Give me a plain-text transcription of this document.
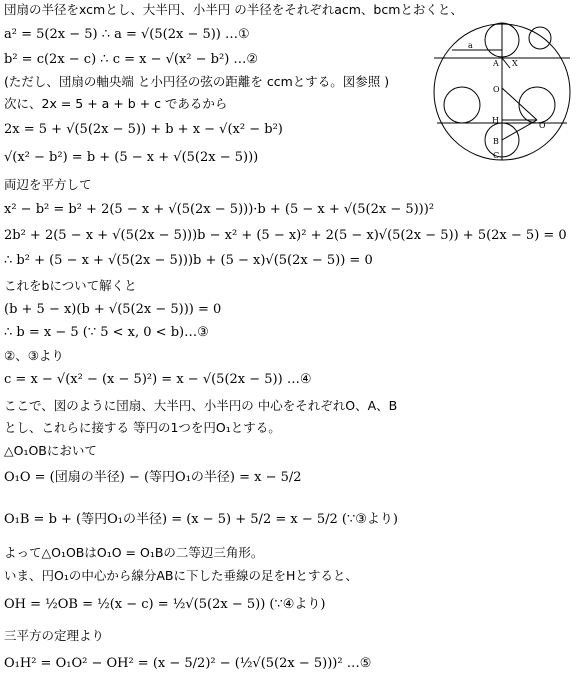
団扇の半径をxcmとし、大半円、小半円 の半径をそれぞれacm、bcmとおくと、
a² = 5(2x − 5) ∴ a = √(5(2x − 5)) …①
b² = c(2x − c) ∴ c = x − √(x² − b²) …②
(ただし、団扇の軸央端 と小円径の弦の距離を ccmとする。図参照 )
次に、2x = 5 + a + b + c であるから
2x = 5 + √(5(2x − 5)) + b + x − √(x² − b²)
√(x² − b²) = b + (5 − x + √(5(2x − 5)))
両辺を平方して
x² − b² = b² + 2(5 − x + √(5(2x − 5)))·b + (5 − x + √(5(2x − 5)))²
2b² + 2(5 − x + √(5(2x − 5)))b − x² + (5 − x)² + 2(5 − x)√(5(2x − 5)) + 5(2x − 5) = 0
∴ b² + (5 − x + √(5(2x − 5)))b + (5 − x)√(5(2x − 5)) = 0
これをbについて解くと
(b + 5 − x)(b + √(5(2x − 5))) = 0
∴ b = x − 5 (∵ 5 < x, 0 < b)…③
②、③より
c = x − √(x² − (x − 5)²) = x − √(5(2x − 5)) …④
ここで、図のように団扇、大半円、小半円の 中心をそれぞれO、A、B
とし、これらに接する 等円の1つを円O₁とする。
△O₁OBにおいて
O₁O = (団扇の半径) − (等円O₁の半径) = x − 5/2
O₁B = b + (等円O₁の半径) = (x − 5) + 5/2 = x − 5/2 (∵③より)
よって△O₁OBはO₁O = O₁Bの二等辺三角形。
いま、円O₁の中心から線分ABに下した垂線の足をHとすると、
OH = ½OB = ½(x − c) = ½√(5(2x − 5)) (∵④より)
三平方の定理より
O₁H² = O₁O² − OH² = (x − 5/2)² − (½√(5(2x − 5)))² …⑤
a
A X
O
H
B
C
O
